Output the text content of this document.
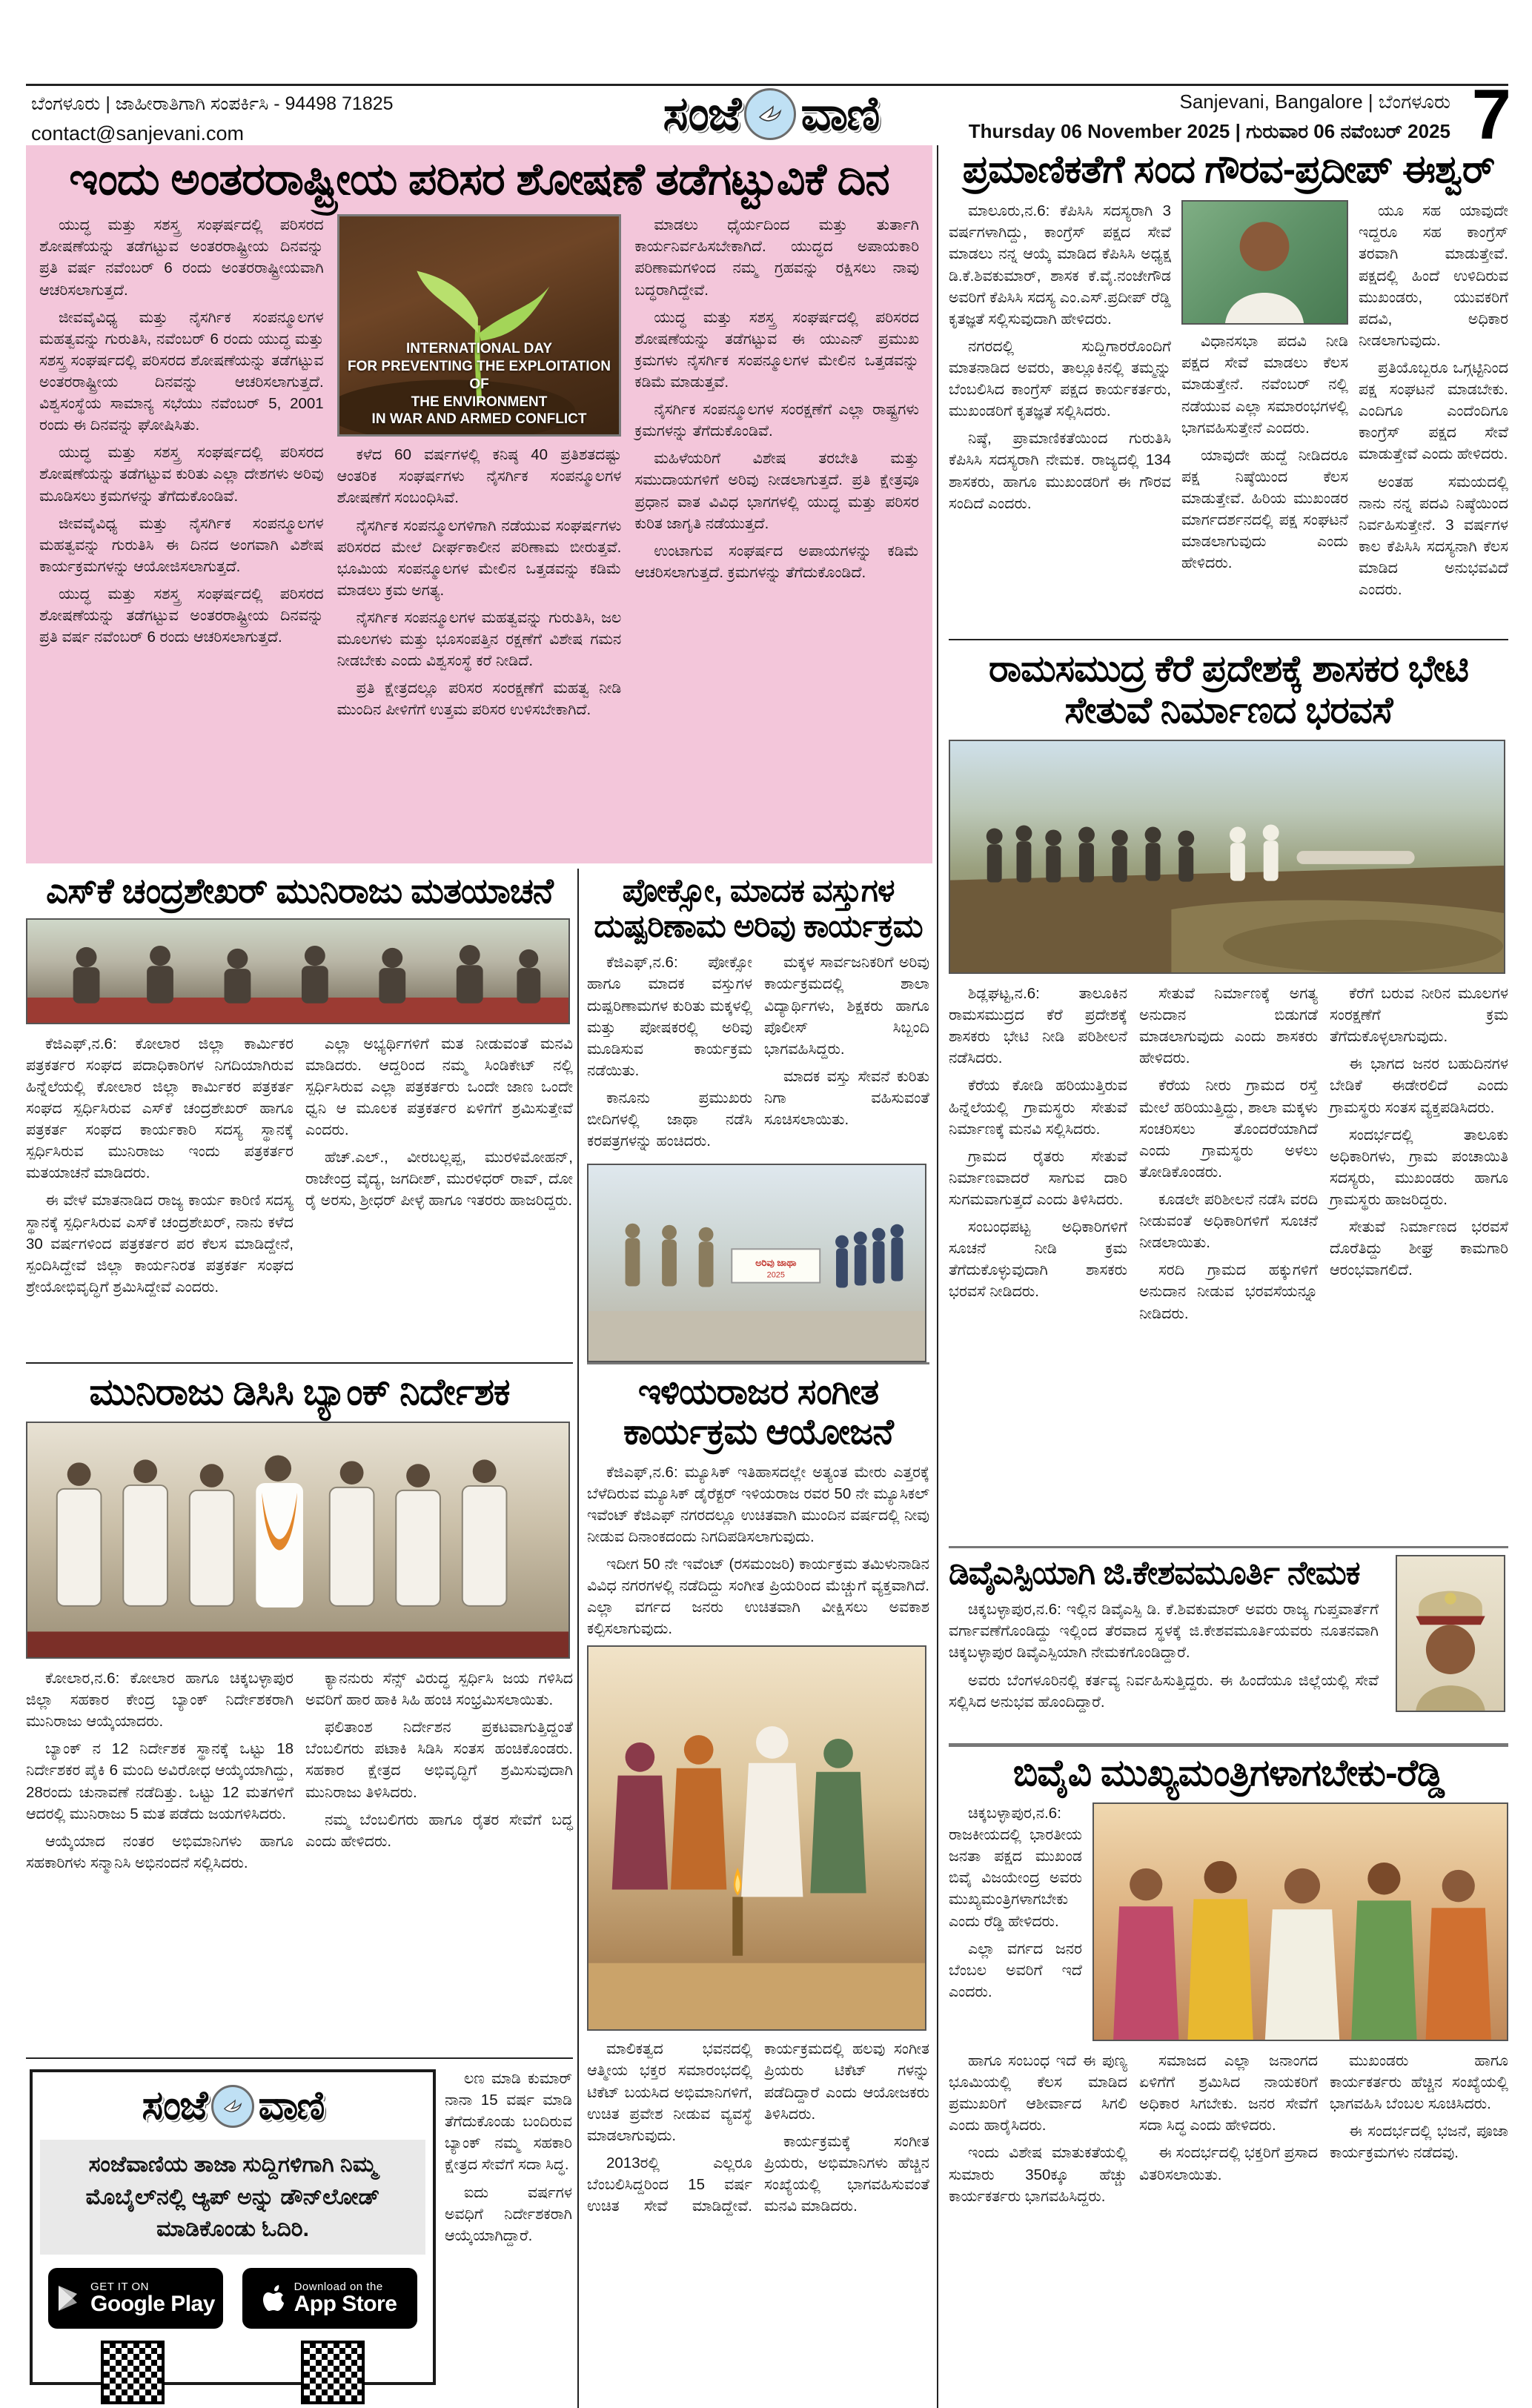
ಬೆಂಗಳೂರು | ಜಾಹೀರಾತಿಗಾಗಿ ಸಂಪರ್ಕಿಸಿ - 94498 71825
contact@sanjevani.com	ಸಂಜೆ ವಾಣಿ	Sanjevani, Bangalore | ಬೆಂಗಳೂರು
Thursday 06 November 2025 | ಗುರುವಾರ 06 ನವೆಂಬರ್ 2025 7
ಇಂದು ಅಂತರರಾಷ್ಟ್ರೀಯ ಪರಿಸರ ಶೋಷಣೆ ತಡೆಗಟ್ಟುವಿಕೆ ದಿನ

ಯುದ್ಧ ಮತ್ತು ಸಶಸ್ತ್ರ ಸಂಘರ್ಷದಲ್ಲಿ ಪರಿಸರದ ಶೋಷಣೆಯನ್ನು ತಡೆಗಟ್ಟುವ ಅಂತರರಾಷ್ಟ್ರೀಯ ದಿನವನ್ನು ಪ್ರತಿ ವರ್ಷ ನವೆಂಬರ್ 6 ರಂದು ಅಂತರರಾಷ್ಟ್ರೀಯವಾಗಿ ಆಚರಿಸಲಾಗುತ್ತದೆ.

ಜೀವವೈವಿಧ್ಯ ಮತ್ತು ನೈಸರ್ಗಿಕ ಸಂಪನ್ಮೂಲಗಳ ಮಹತ್ವವನ್ನು ಗುರುತಿಸಿ, ನವೆಂಬರ್ 6 ರಂದು ಯುದ್ಧ ಮತ್ತು ಸಶಸ್ತ್ರ ಸಂಘರ್ಷದಲ್ಲಿ ಪರಿಸರದ ಶೋಷಣೆಯನ್ನು ತಡೆಗಟ್ಟುವ ಅಂತರರಾಷ್ಟ್ರೀಯ ದಿನವನ್ನು ಆಚರಿಸಲಾಗುತ್ತದೆ. ವಿಶ್ವಸಂಸ್ಥೆಯ ಸಾಮಾನ್ಯ ಸಭೆಯು ನವೆಂಬರ್ 5, 2001 ರಂದು ಈ ದಿನವನ್ನು ಘೋಷಿಸಿತು.

ಯುದ್ಧ ಮತ್ತು ಸಶಸ್ತ್ರ ಸಂಘರ್ಷದಲ್ಲಿ ಪರಿಸರದ ಶೋಷಣೆಯನ್ನು ತಡೆಗಟ್ಟುವ ಕುರಿತು ಎಲ್ಲಾ ದೇಶಗಳು ಅರಿವು ಮೂಡಿಸಲು ಕ್ರಮಗಳನ್ನು ತೆಗೆದುಕೊಂಡಿವೆ.

ಜೀವವೈವಿಧ್ಯ ಮತ್ತು ನೈಸರ್ಗಿಕ ಸಂಪನ್ಮೂಲಗಳ ಮಹತ್ವವನ್ನು ಗುರುತಿಸಿ ಈ ದಿನದ ಅಂಗವಾಗಿ ವಿಶೇಷ ಕಾರ್ಯಕ್ರಮಗಳನ್ನು ಆಯೋಜಿಸಲಾಗುತ್ತದೆ.

ಯುದ್ಧ ಮತ್ತು ಸಶಸ್ತ್ರ ಸಂಘರ್ಷದಲ್ಲಿ ಪರಿಸರದ ಶೋಷಣೆಯನ್ನು ತಡೆಗಟ್ಟುವ ಅಂತರರಾಷ್ಟ್ರೀಯ ದಿನವನ್ನು ಪ್ರತಿ ವರ್ಷ ನವೆಂಬರ್ 6 ರಂದು ಆಚರಿಸಲಾಗುತ್ತದೆ.

INTERNATIONAL DAY
FOR PREVENTING THE EXPLOITATION OF
THE ENVIRONMENT
IN WAR AND ARMED CONFLICT

ಕಳೆದ 60 ವರ್ಷಗಳಲ್ಲಿ ಕನಿಷ್ಠ 40 ಪ್ರತಿಶತದಷ್ಟು ಆಂತರಿಕ ಸಂಘರ್ಷಗಳು ನೈಸರ್ಗಿಕ ಸಂಪನ್ಮೂಲಗಳ ಶೋಷಣೆಗೆ ಸಂಬಂಧಿಸಿವೆ.

ನೈಸರ್ಗಿಕ ಸಂಪನ್ಮೂಲಗಳಿಗಾಗಿ ನಡೆಯುವ ಸಂಘರ್ಷಗಳು ಪರಿಸರದ ಮೇಲೆ ದೀರ್ಘಕಾಲೀನ ಪರಿಣಾಮ ಬೀರುತ್ತವೆ. ಭೂಮಿಯ ಸಂಪನ್ಮೂಲಗಳ ಮೇಲಿನ ಒತ್ತಡವನ್ನು ಕಡಿಮೆ ಮಾಡಲು ಕ್ರಮ ಅಗತ್ಯ.

ನೈಸರ್ಗಿಕ ಸಂಪನ್ಮೂಲಗಳ ಮಹತ್ವವನ್ನು ಗುರುತಿಸಿ, ಜಲ ಮೂಲಗಳು ಮತ್ತು ಭೂಸಂಪತ್ತಿನ ರಕ್ಷಣೆಗೆ ವಿಶೇಷ ಗಮನ ನೀಡಬೇಕು ಎಂದು ವಿಶ್ವಸಂಸ್ಥೆ ಕರೆ ನೀಡಿದೆ.

ಪ್ರತಿ ಕ್ಷೇತ್ರದಲ್ಲೂ ಪರಿಸರ ಸಂರಕ್ಷಣೆಗೆ ಮಹತ್ವ ನೀಡಿ ಮುಂದಿನ ಪೀಳಿಗೆಗೆ ಉತ್ತಮ ಪರಿಸರ ಉಳಿಸಬೇಕಾಗಿದೆ.

ಮಾಡಲು ಧೈರ್ಯದಿಂದ ಮತ್ತು ತುರ್ತಾಗಿ ಕಾರ್ಯನಿರ್ವಹಿಸಬೇಕಾಗಿದೆ. ಯುದ್ಧದ ಅಪಾಯಕಾರಿ ಪರಿಣಾಮಗಳಿಂದ ನಮ್ಮ ಗ್ರಹವನ್ನು ರಕ್ಷಿಸಲು ನಾವು ಬದ್ಧರಾಗಿದ್ದೇವೆ.

ಯುದ್ಧ ಮತ್ತು ಸಶಸ್ತ್ರ ಸಂಘರ್ಷದಲ್ಲಿ ಪರಿಸರದ ಶೋಷಣೆಯನ್ನು ತಡೆಗಟ್ಟುವ ಈ ಯುಎನ್ ಪ್ರಮುಖ ಕ್ರಮಗಳು ನೈಸರ್ಗಿಕ ಸಂಪನ್ಮೂಲಗಳ ಮೇಲಿನ ಒತ್ತಡವನ್ನು ಕಡಿಮೆ ಮಾಡುತ್ತವೆ.

ನೈಸರ್ಗಿಕ ಸಂಪನ್ಮೂಲಗಳ ಸಂರಕ್ಷಣೆಗೆ ಎಲ್ಲಾ ರಾಷ್ಟ್ರಗಳು ಕ್ರಮಗಳನ್ನು ತೆಗೆದುಕೊಂಡಿವೆ.

ಮಹಿಳೆಯರಿಗೆ ವಿಶೇಷ ತರಬೇತಿ ಮತ್ತು ಸಮುದಾಯಗಳಿಗೆ ಅರಿವು ನೀಡಲಾಗುತ್ತದೆ. ಪ್ರತಿ ಕ್ಷೇತ್ರವೂ ಪ್ರಧಾನ ವಾತ ವಿವಿಧ ಭಾಗಗಳಲ್ಲಿ ಯುದ್ಧ ಮತ್ತು ಪರಿಸರ ಕುರಿತ ಜಾಗೃತಿ ನಡೆಯುತ್ತದೆ.

ಉಂಟಾಗುವ ಸಂಘರ್ಷದ ಅಪಾಯಗಳನ್ನು ಕಡಿಮೆ ಆಚರಿಸಲಾಗುತ್ತದೆ. ಕ್ರಮಗಳನ್ನು ತೆಗೆದುಕೊಂಡಿದೆ.

ಎಸ್‌ಕೆ ಚಂದ್ರಶೇಖರ್ ಮುನಿರಾಜು ಮತಯಾಚನೆ

ಕೆಜಿಎಫ್,ನ.6: ಕೋಲಾರ ಜಿಲ್ಲಾ ಕಾರ್ಮಿಕರ ಪತ್ರಕರ್ತರ ಸಂಘದ ಪದಾಧಿಕಾರಿಗಳ ನಿಗದಿಯಾಗಿರುವ ಹಿನ್ನೆಲೆಯಲ್ಲಿ ಕೋಲಾರ ಜಿಲ್ಲಾ ಕಾರ್ಮಿಕರ ಪತ್ರಕರ್ತ ಸಂಘದ ಸ್ಪರ್ಧಿಸಿರುವ ಎಸ್‌ಕೆ ಚಂದ್ರಶೇಖರ್ ಹಾಗೂ ಪತ್ರಕರ್ತ ಸಂಘದ ಕಾರ್ಯಕಾರಿ ಸದಸ್ಯ ಸ್ಥಾನಕ್ಕೆ ಸ್ಪರ್ಧಿಸಿರುವ ಮುನಿರಾಜು ಇಂದು ಪತ್ರಕರ್ತರ ಮತಯಾಚನೆ ಮಾಡಿದರು.

ಈ ವೇಳೆ ಮಾತನಾಡಿದ ರಾಜ್ಯ ಕಾರ್ಯ ಕಾರಿಣಿ ಸದಸ್ಯ ಸ್ಥಾನಕ್ಕೆ ಸ್ಪರ್ಧಿಸಿರುವ ಎಸ್‌ಕೆ ಚಂದ್ರಶೇಖರ್, ನಾನು ಕಳೆದ 30 ವರ್ಷಗಳಿಂದ ಪತ್ರಕರ್ತರ ಪರ ಕೆಲಸ ಮಾಡಿದ್ದೇನೆ, ಸ್ಪಂದಿಸಿದ್ದೇವೆ ಜಿಲ್ಲಾ ಕಾರ್ಯನಿರತ ಪತ್ರಕರ್ತ ಸಂಘದ ಶ್ರೇಯೋಭಿವೃದ್ಧಿಗೆ ಶ್ರಮಿಸಿದ್ದೇವೆ ಎಂದರು.

ಎಲ್ಲಾ ಅಭ್ಯರ್ಥಿಗಳಿಗೆ ಮತ ನೀಡುವಂತೆ ಮನವಿ ಮಾಡಿದರು. ಆದ್ದರಿಂದ ನಮ್ಮ ಸಿಂಡಿಕೇಟ್ ನಲ್ಲಿ ಸ್ಪರ್ಧಿಸಿರುವ ಎಲ್ಲಾ ಪತ್ರಕರ್ತರು ಒಂದೇ ಜಾಣ ಒಂದೇ ಧ್ವನಿ ಆ ಮೂಲಕ ಪತ್ರಕರ್ತರ ಏಳಿಗೆಗೆ ಶ್ರಮಿಸುತ್ತೇವೆ ಎಂದರು.

ಹೆಚ್.ಎಲ್., ವೀರಬಲ್ಲಪ್ಪ, ಮುರಳಿಮೋಹನ್, ರಾಜೇಂದ್ರ ವೈದ್ಯ, ಜಗದೀಶ್, ಮುರಳಿಧರ್ ರಾವ್, ದೋ ರೈ ಅರಸು, ಶ್ರೀಧರ್ ಪೀಳ್ಳೆ ಹಾಗೂ ಇತರರು ಹಾಜರಿದ್ದರು.

ಮುನಿರಾಜು ಡಿಸಿಸಿ ಬ್ಯಾಂಕ್ ನಿರ್ದೇಶಕ

ಕೋಲಾರ,ನ.6: ಕೋಲಾರ ಹಾಗೂ ಚಿಕ್ಕಬಳ್ಳಾಪುರ ಜಿಲ್ಲಾ ಸಹಕಾರ ಕೇಂದ್ರ ಬ್ಯಾಂಕ್ ನಿರ್ದೇಶಕರಾಗಿ ಮುನಿರಾಜು ಆಯ್ಕೆಯಾದರು.

ಬ್ಯಾಂಕ್ ನ 12 ನಿರ್ದೇಶಕ ಸ್ಥಾನಕ್ಕೆ ಒಟ್ಟು 18 ನಿರ್ದೇಶಕರ ಪೈಕಿ 6 ಮಂದಿ ಅವಿರೋಧ ಆಯ್ಕೆಯಾಗಿದ್ದು, 28ರಂದು ಚುನಾವಣೆ ನಡೆದಿತ್ತು. ಒಟ್ಟು 12 ಮತಗಳಿಗೆ ಆದರಲ್ಲಿ ಮುನಿರಾಜು 5 ಮತ ಪಡೆದು ಜಯಗಳಿಸಿದರು.

ಆಯ್ಕೆಯಾದ ನಂತರ ಅಭಿಮಾನಿಗಳು ಹಾಗೂ ಸಹಕಾರಿಗಳು ಸನ್ಮಾನಿಸಿ ಅಭಿನಂದನೆ ಸಲ್ಲಿಸಿದರು.

ಕ್ಯಾನನುರು ಸೆನ್ಸ್ ವಿರುದ್ಧ ಸ್ಪರ್ಧಿಸಿ ಜಯ ಗಳಿಸಿದ ಅವರಿಗೆ ಹಾರ ಹಾಕಿ ಸಿಹಿ ಹಂಚಿ ಸಂಭ್ರಮಿಸಲಾಯಿತು.

ಫಲಿತಾಂಶ ನಿರ್ದೇಶನ ಪ್ರಕಟವಾಗುತ್ತಿದ್ದಂತೆ ಬೆಂಬಲಿಗರು ಪಟಾಕಿ ಸಿಡಿಸಿ ಸಂತಸ ಹಂಚಿಕೊಂಡರು. ಸಹಕಾರ ಕ್ಷೇತ್ರದ ಅಭಿವೃದ್ಧಿಗೆ ಶ್ರಮಿಸುವುದಾಗಿ ಮುನಿರಾಜು ತಿಳಿಸಿದರು.

ನಮ್ಮ ಬೆಂಬಲಿಗರು ಹಾಗೂ ರೈತರ ಸೇವೆಗೆ ಬದ್ಧ ಎಂದು ಹೇಳಿದರು.

ಸಂಜೆ ವಾಣಿ
ಸಂಜೆವಾಣಿಯ ತಾಜಾ ಸುದ್ದಿಗಳಿಗಾಗಿ ನಿಮ್ಮ
ಮೊಬೈಲ್‌ನಲ್ಲಿ ಆ್ಯಪ್ ಅನ್ನು ಡೌನ್‌ಲೋಡ್
ಮಾಡಿಕೊಂಡು ಓದಿರಿ.
GET IT ON
Google Play
Download on the
App Store

ಲಣ ಮಾಡಿ ಕುಮಾರ್ ನಾನಾ 15 ವರ್ಷ ಮಾಡಿ ತೆಗೆದುಕೊಂಡು ಬಂದಿರುವ ಬ್ಯಾಂಕ್ ನಮ್ಮ ಸಹಕಾರಿ ಕ್ಷೇತ್ರದ ಸೇವೆಗೆ ಸದಾ ಸಿದ್ಧ.

ಐದು ವರ್ಷಗಳ ಅವಧಿಗೆ ನಿರ್ದೇಶಕರಾಗಿ ಆಯ್ಕೆಯಾಗಿದ್ದಾರೆ.

ಪೋಕ್ಸೋ, ಮಾದಕ ವಸ್ತುಗಳ
ದುಷ್ಪರಿಣಾಮ ಅರಿವು ಕಾರ್ಯಕ್ರಮ

ಕೆಜಿಎಫ್,ನ.6: ಪೋಕ್ಸೋ ಹಾಗೂ ಮಾದಕ ವಸ್ತುಗಳ ದುಷ್ಪರಿಣಾಮಗಳ ಕುರಿತು ಮಕ್ಕಳಲ್ಲಿ ಮತ್ತು ಪೋಷಕರಲ್ಲಿ ಅರಿವು ಮೂಡಿಸುವ ಕಾರ್ಯಕ್ರಮ ನಡೆಯಿತು.

ಕಾನೂನು ಪ್ರಮುಖರು ಬೀದಿಗಳಲ್ಲಿ ಜಾಥಾ ನಡೆಸಿ ಕರಪತ್ರಗಳನ್ನು ಹಂಚಿದರು.

ಮಕ್ಕಳ ಸಾರ್ವಜನಿಕರಿಗೆ ಅರಿವು ಕಾರ್ಯಕ್ರಮದಲ್ಲಿ ಶಾಲಾ ವಿದ್ಯಾರ್ಥಿಗಳು, ಶಿಕ್ಷಕರು ಹಾಗೂ ಪೊಲೀಸ್ ಸಿಬ್ಬಂದಿ ಭಾಗವಹಿಸಿದ್ದರು.

ಮಾದಕ ವಸ್ತು ಸೇವನೆ ಕುರಿತು ನಿಗಾ ವಹಿಸುವಂತೆ ಸೂಚಿಸಲಾಯಿತು.

ಅರಿವು ಜಾಥಾ
2025
ಇಳಿಯರಾಜರ ಸಂಗೀತ
ಕಾರ್ಯಕ್ರಮ ಆಯೋಜನೆ

ಕೆಜಿಎಫ್,ನ.6: ಮ್ಯೂಸಿಕ್ ಇತಿಹಾಸದಲ್ಲೇ ಅತ್ಯಂತ ಮೇರು ಎತ್ತರಕ್ಕೆ ಬೆಳೆದಿರುವ ಮ್ಯೂಸಿಕ್ ಡೈರೆಕ್ಟರ್ ಇಳಿಯರಾಜ ರವರ 50 ನೇ ಮ್ಯೂಸಿಕಲ್ ಇವೆಂಟ್ ಕೆಜಿಎಫ್ ನಗರದಲ್ಲೂ ಉಚಿತವಾಗಿ ಮುಂದಿನ ವರ್ಷದಲ್ಲಿ ನೀವು ನೀಡುವ ದಿನಾಂಕದಂದು ನಿಗದಿಪಡಿಸಲಾಗುವುದು.

ಇದೀಗ 50 ನೇ ಇವೆಂಟ್ (ರಸಮಂಜರಿ) ಕಾರ್ಯಕ್ರಮ ತಮಿಳುನಾಡಿನ ವಿವಿಧ ನಗರಗಳಲ್ಲಿ ನಡೆದಿದ್ದು ಸಂಗೀತ ಪ್ರಿಯರಿಂದ ಮೆಚ್ಚುಗೆ ವ್ಯಕ್ತವಾಗಿದೆ. ಎಲ್ಲಾ ವರ್ಗದ ಜನರು ಉಚಿತವಾಗಿ ವೀಕ್ಷಿಸಲು ಅವಕಾಶ ಕಲ್ಪಿಸಲಾಗುವುದು.

ಮಾಲಿಕತ್ವದ ಭವನದಲ್ಲಿ ಆತ್ಮೀಯ ಭಕ್ತರ ಸಮಾರಂಭದಲ್ಲಿ ಟಿಕೆಟ್ ಬಯಸಿದ ಅಭಿಮಾನಿಗಳಿಗೆ, ಉಚಿತ ಪ್ರವೇಶ ನೀಡುವ ವ್ಯವಸ್ಥೆ ಮಾಡಲಾಗುವುದು.

2013ರಲ್ಲಿ ಎಲ್ಲರೂ ಬೆಂಬಲಿಸಿದ್ದರಿಂದ 15 ವರ್ಷ ಉಚಿತ ಸೇವೆ ಮಾಡಿದ್ದೇವೆ. ಕಾರ್ಯಕ್ರಮದಲ್ಲಿ ಹಲವು ಸಂಗೀತ ಪ್ರಿಯರು ಟಿಕೆಟ್ ಗಳನ್ನು ಪಡೆದಿದ್ದಾರೆ ಎಂದು ಆಯೋಜಕರು ತಿಳಿಸಿದರು.

ಕಾರ್ಯಕ್ರಮಕ್ಕೆ ಸಂಗೀತ ಪ್ರಿಯರು, ಅಭಿಮಾನಿಗಳು ಹೆಚ್ಚಿನ ಸಂಖ್ಯೆಯಲ್ಲಿ ಭಾಗವಹಿಸುವಂತೆ ಮನವಿ ಮಾಡಿದರು.

ಪ್ರಮಾಣಿಕತೆಗೆ ಸಂದ ಗೌರವ-ಪ್ರದೀಪ್ ಈಶ್ವರ್

ಮಾಲೂರು,ನ.6: ಕೆಪಿಸಿಸಿ ಸದಸ್ಯರಾಗಿ 3 ವರ್ಷಗಳಾಗಿದ್ದು, ಕಾಂಗ್ರೆಸ್ ಪಕ್ಷದ ಸೇವೆ ಮಾಡಲು ನನ್ನ ಆಯ್ಕೆ ಮಾಡಿದ ಕೆಪಿಸಿಸಿ ಅಧ್ಯಕ್ಷ ಡಿ.ಕೆ.ಶಿವಕುಮಾರ್, ಶಾಸಕ ಕೆ.ವೈ.ನಂಜೇಗೌಡ ಅವರಿಗೆ ಕೆಪಿಸಿಸಿ ಸದಸ್ಯ ಎಂ.ಎಸ್.ಪ್ರದೀಪ್ ರೆಡ್ಡಿ ಕೃತಜ್ಞತೆ ಸಲ್ಲಿಸುವುದಾಗಿ ಹೇಳಿದರು.

ನಗರದಲ್ಲಿ ಸುದ್ದಿಗಾರರೊಂದಿಗೆ ಮಾತನಾಡಿದ ಅವರು, ತಾಲ್ಲೂಕಿನಲ್ಲಿ ತಮ್ಮನ್ನು ಬೆಂಬಲಿಸಿದ ಕಾಂಗ್ರೆಸ್ ಪಕ್ಷದ ಕಾರ್ಯಕರ್ತರು, ಮುಖಂಡರಿಗೆ ಕೃತಜ್ಞತೆ ಸಲ್ಲಿಸಿದರು.

ನಿಷ್ಠೆ, ಪ್ರಾಮಾಣಿಕತೆಯಿಂದ ಗುರುತಿಸಿ ಕೆಪಿಸಿಸಿ ಸದಸ್ಯರಾಗಿ ನೇಮಕ. ರಾಜ್ಯದಲ್ಲಿ 134 ಶಾಸಕರು, ಹಾಗೂ ಮುಖಂಡರಿಗೆ ಈ ಗೌರವ ಸಂದಿದೆ ಎಂದರು.

ವಿಧಾನಸಭಾ ಪದವಿ ನೀಡಿ ಪಕ್ಷದ ಸೇವೆ ಮಾಡಲು ಕೆಲಸ ಮಾಡುತ್ತೇನೆ. ನವೆಂಬರ್ ನಲ್ಲಿ ನಡೆಯುವ ಎಲ್ಲಾ ಸಮಾರಂಭಗಳಲ್ಲಿ ಭಾಗವಹಿಸುತ್ತೇನೆ ಎಂದರು.

ಯಾವುದೇ ಹುದ್ದೆ ನೀಡಿದರೂ ಪಕ್ಷ ನಿಷ್ಠೆಯಿಂದ ಕೆಲಸ ಮಾಡುತ್ತೇವೆ. ಹಿರಿಯ ಮುಖಂಡರ ಮಾರ್ಗದರ್ಶನದಲ್ಲಿ ಪಕ್ಷ ಸಂಘಟನೆ ಮಾಡಲಾಗುವುದು ಎಂದು ಹೇಳಿದರು.

ಯೂ ಸಹ ಯಾವುದೇ ಇದ್ದರೂ ಸಹ ಕಾಂಗ್ರೆಸ್ ತರವಾಗಿ ಮಾಡುತ್ತೇವೆ. ಪಕ್ಷದಲ್ಲಿ ಹಿಂದೆ ಉಳಿದಿರುವ ಮುಖಂಡರು, ಯುವಕರಿಗೆ ಪದವಿ, ಅಧಿಕಾರ ನೀಡಲಾಗುವುದು.

ಪ್ರತಿಯೊಬ್ಬರೂ ಒಗ್ಗಟ್ಟಿನಿಂದ ಪಕ್ಷ ಸಂಘಟನೆ ಮಾಡಬೇಕು. ಎಂದಿಗೂ ಎಂದೆಂದಿಗೂ ಕಾಂಗ್ರೆಸ್ ಪಕ್ಷದ ಸೇವೆ ಮಾಡುತ್ತೇವೆ ಎಂದು ಹೇಳಿದರು.

ಅಂತಹ ಸಮಯದಲ್ಲಿ ನಾನು ನನ್ನ ಪದವಿ ನಿಷ್ಠೆಯಿಂದ ನಿರ್ವಹಿಸುತ್ತೇನೆ. 3 ವರ್ಷಗಳ ಕಾಲ ಕೆಪಿಸಿಸಿ ಸದಸ್ಯನಾಗಿ ಕೆಲಸ ಮಾಡಿದ ಅನುಭವವಿದೆ ಎಂದರು.

ರಾಮಸಮುದ್ರ ಕೆರೆ ಪ್ರದೇಶಕ್ಕೆ ಶಾಸಕರ ಭೇಟಿ
ಸೇತುವೆ ನಿರ್ಮಾಣದ ಭರವಸೆ

ಶಿಡ್ಲಘಟ್ಟ,ನ.6: ತಾಲೂಕಿನ ರಾಮಸಮುದ್ರದ ಕೆರೆ ಪ್ರದೇಶಕ್ಕೆ ಶಾಸಕರು ಭೇಟಿ ನೀಡಿ ಪರಿಶೀಲನೆ ನಡೆಸಿದರು.

ಕೆರೆಯ ಕೋಡಿ ಹರಿಯುತ್ತಿರುವ ಹಿನ್ನೆಲೆಯಲ್ಲಿ ಗ್ರಾಮಸ್ಥರು ಸೇತುವೆ ನಿರ್ಮಾಣಕ್ಕೆ ಮನವಿ ಸಲ್ಲಿಸಿದರು.

ಗ್ರಾಮದ ರೈತರು ಸೇತುವೆ ನಿರ್ಮಾಣವಾದರೆ ಸಾಗುವ ದಾರಿ ಸುಗಮವಾಗುತ್ತದೆ ಎಂದು ತಿಳಿಸಿದರು.

ಸಂಬಂಧಪಟ್ಟ ಅಧಿಕಾರಿಗಳಿಗೆ ಸೂಚನೆ ನೀಡಿ ಕ್ರಮ ತೆಗೆದುಕೊಳ್ಳುವುದಾಗಿ ಶಾಸಕರು ಭರವಸೆ ನೀಡಿದರು.

ಸೇತುವೆ ನಿರ್ಮಾಣಕ್ಕೆ ಅಗತ್ಯ ಅನುದಾನ ಬಿಡುಗಡೆ ಮಾಡಲಾಗುವುದು ಎಂದು ಶಾಸಕರು ಹೇಳಿದರು.

ಕೆರೆಯ ನೀರು ಗ್ರಾಮದ ರಸ್ತೆ ಮೇಲೆ ಹರಿಯುತ್ತಿದ್ದು, ಶಾಲಾ ಮಕ್ಕಳು ಸಂಚರಿಸಲು ತೊಂದರೆಯಾಗಿದೆ ಎಂದು ಗ್ರಾಮಸ್ಥರು ಅಳಲು ತೋಡಿಕೊಂಡರು.

ಕೂಡಲೇ ಪರಿಶೀಲನೆ ನಡೆಸಿ ವರದಿ ನೀಡುವಂತೆ ಅಧಿಕಾರಿಗಳಿಗೆ ಸೂಚನೆ ನೀಡಲಾಯಿತು.

ಸರದಿ ಗ್ರಾಮದ ಹಕ್ಕುಗಳಿಗೆ ಅನುದಾನ ನೀಡುವ ಭರವಸೆಯನ್ನೂ ನೀಡಿದರು.

ಕೆರೆಗೆ ಬರುವ ನೀರಿನ ಮೂಲಗಳ ಸಂರಕ್ಷಣೆಗೆ ಕ್ರಮ ತೆಗೆದುಕೊಳ್ಳಲಾಗುವುದು.

ಈ ಭಾಗದ ಜನರ ಬಹುದಿನಗಳ ಬೇಡಿಕೆ ಈಡೇರಲಿದೆ ಎಂದು ಗ್ರಾಮಸ್ಥರು ಸಂತಸ ವ್ಯಕ್ತಪಡಿಸಿದರು.

ಸಂದರ್ಭದಲ್ಲಿ ತಾಲೂಕು ಅಧಿಕಾರಿಗಳು, ಗ್ರಾಮ ಪಂಚಾಯಿತಿ ಸದಸ್ಯರು, ಮುಖಂಡರು ಹಾಗೂ ಗ್ರಾಮಸ್ಥರು ಹಾಜರಿದ್ದರು.

ಸೇತುವೆ ನಿರ್ಮಾಣದ ಭರವಸೆ ದೊರೆತಿದ್ದು ಶೀಘ್ರ ಕಾಮಗಾರಿ ಆರಂಭವಾಗಲಿದೆ.

ಡಿವೈಎಸ್ಪಿಯಾಗಿ ಜಿ.ಕೇಶವಮೂರ್ತಿ ನೇಮಕ

ಚಿಕ್ಕಬಳ್ಳಾಪುರ,ನ.6: ಇಲ್ಲಿನ ಡಿವೈಎಸ್ಪಿ ಡಿ. ಕೆ.ಶಿವಕುಮಾರ್ ಅವರು ರಾಜ್ಯ ಗುಪ್ತವಾರ್ತೆಗೆ ವರ್ಗಾವಣೆಗೊಂಡಿದ್ದು ಇಲ್ಲಿಂದ ತೆರವಾದ ಸ್ಥಳಕ್ಕೆ ಜಿ.ಕೇಶವಮೂರ್ತಿಯವರು ನೂತನವಾಗಿ ಚಿಕ್ಕಬಳ್ಳಾಪುರ ಡಿವೈಎಸ್ಪಿಯಾಗಿ ನೇಮಕಗೊಂಡಿದ್ದಾರೆ.

ಅವರು ಬೆಂಗಳೂರಿನಲ್ಲಿ ಕರ್ತವ್ಯ ನಿರ್ವಹಿಸುತ್ತಿದ್ದರು. ಈ ಹಿಂದೆಯೂ ಜಿಲ್ಲೆಯಲ್ಲಿ ಸೇವೆ ಸಲ್ಲಿಸಿದ ಅನುಭವ ಹೊಂದಿದ್ದಾರೆ.

ಬಿವೈವಿ ಮುಖ್ಯಮಂತ್ರಿಗಳಾಗಬೇಕು-ರೆಡ್ಡಿ

ಚಿಕ್ಕಬಳ್ಳಾಪುರ,ನ.6: ರಾಜಕೀಯದಲ್ಲಿ ಭಾರತೀಯ ಜನತಾ ಪಕ್ಷದ ಮುಖಂಡ ಬಿವೈ ವಿಜಯೇಂದ್ರ ಅವರು ಮುಖ್ಯಮಂತ್ರಿಗಳಾಗಬೇಕು ಎಂದು ರೆಡ್ಡಿ ಹೇಳಿದರು.

ಎಲ್ಲಾ ವರ್ಗದ ಜನರ ಬೆಂಬಲ ಅವರಿಗೆ ಇದೆ ಎಂದರು.

ಹಾಗೂ ಸಂಬಂಧ ಇದೆ ಈ ಪುಣ್ಯ ಭೂಮಿಯಲ್ಲಿ ಕೆಲಸ ಮಾಡಿದ ಪ್ರಮುಖರಿಗೆ ಆಶೀರ್ವಾದ ಸಿಗಲಿ ಎಂದು ಹಾರೈಸಿದರು.

ಇಂದು ವಿಶೇಷ ಮಾತುಕತೆಯಲ್ಲಿ ಸುಮಾರು 350ಕ್ಕೂ ಹೆಚ್ಚು ಕಾರ್ಯಕರ್ತರು ಭಾಗವಹಿಸಿದ್ದರು.

ಸಮಾಜದ ಎಲ್ಲಾ ಜನಾಂಗದ ಏಳಿಗೆಗೆ ಶ್ರಮಿಸಿದ ನಾಯಕರಿಗೆ ಅಧಿಕಾರ ಸಿಗಬೇಕು. ಜನರ ಸೇವೆಗೆ ಸದಾ ಸಿದ್ಧ ಎಂದು ಹೇಳಿದರು.

ಈ ಸಂದರ್ಭದಲ್ಲಿ ಭಕ್ತರಿಗೆ ಪ್ರಸಾದ ವಿತರಿಸಲಾಯಿತು.

ಮುಖಂಡರು ಹಾಗೂ ಕಾರ್ಯಕರ್ತರು ಹೆಚ್ಚಿನ ಸಂಖ್ಯೆಯಲ್ಲಿ ಭಾಗವಹಿಸಿ ಬೆಂಬಲ ಸೂಚಿಸಿದರು.

ಈ ಸಂದರ್ಭದಲ್ಲಿ ಭಜನೆ, ಪೂಜಾ ಕಾರ್ಯಕ್ರಮಗಳು ನಡೆದವು.
